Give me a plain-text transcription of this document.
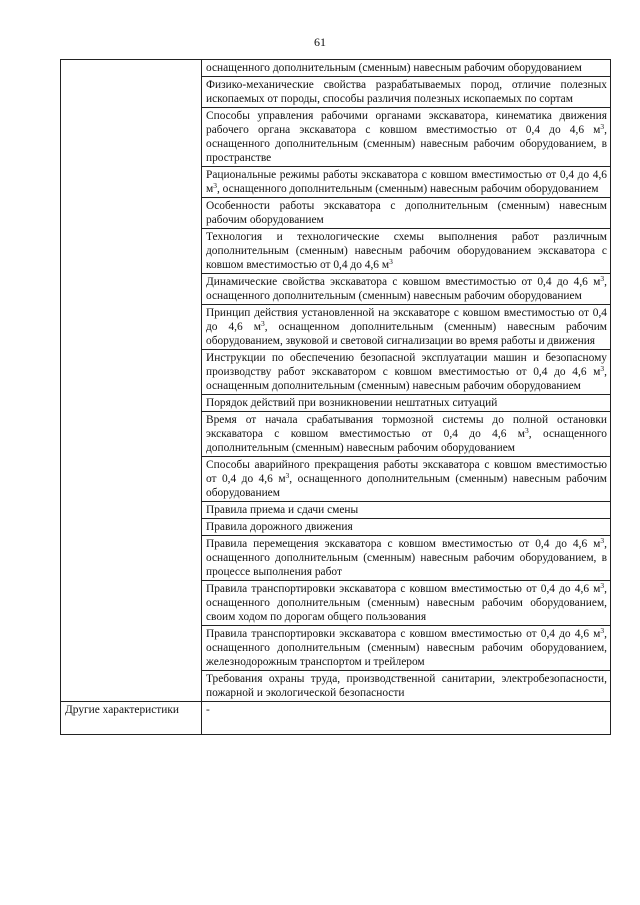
61
	оснащенного дополнительным (сменным) навесным рабочим оборудованием
	Физико-механические свойства разрабатываемых пород, отличие полезных ископаемых от породы, способы различия полезных ископаемых по сортам
	Способы управления рабочими органами экскаватора, кинематика движения рабочего органа экскаватора с ковшом вместимостью от 0,4 до 4,6 $м^3$, оснащенного дополнительным (сменным) навесным рабочим оборудованием, в пространстве
	Рациональные режимы работы экскаватора с ковшом вместимостью от 0,4 до 4,6 $м^3$, оснащенного дополнительным (сменным) навесным рабочим оборудованием
	Особенности работы экскаватора с дополнительным (сменным) навесным рабочим оборудованием
	Технология и технологические схемы выполнения работ различным дополнительным (сменным) навесным рабочим оборудованием экскаватора с ковшом вместимостью от 0,4 до 4,6 $м^3$
	Динамические свойства экскаватора с ковшом вместимостью от 0,4 до 4,6 $м^3$, оснащенного дополнительным (сменным) навесным рабочим оборудованием
	Принцип действия установленной на экскаваторе с ковшом вместимостью от 0,4 до 4,6 $м^3$, оснащенном дополнительным (сменным) навесным рабочим оборудованием, звуковой и световой сигнализации во время работы и движения
	Инструкции по обеспечению безопасной эксплуатации машин и безопасному производству работ экскаватором с ковшом вместимостью от 0,4 до 4,6 $м^3$, оснащенным дополнительным (сменным) навесным рабочим оборудованием
	Порядок действий при возникновении нештатных ситуаций
	Время от начала срабатывания тормозной системы до полной остановки экскаватора с ковшом вместимостью от 0,4 до 4,6 $м^3$, оснащенного дополнительным (сменным) навесным рабочим оборудованием
	Способы аварийного прекращения работы экскаватора с ковшом вместимостью от 0,4 до 4,6 $м^3$, оснащенного дополнительным (сменным) навесным рабочим оборудованием
	Правила приема и сдачи смены
	Правила дорожного движения
	Правила перемещения экскаватора с ковшом вместимостью от 0,4 до 4,6 $м^3$, оснащенного дополнительным (сменным) навесным рабочим оборудованием, в процессе выполнения работ
	Правила транспортировки экскаватора с ковшом вместимостью от 0,4 до 4,6 $м^3$, оснащенного дополнительным (сменным) навесным рабочим оборудованием, своим ходом по дорогам общего пользования
	Правила транспортировки экскаватора с ковшом вместимостью от 0,4 до 4,6 $м^3$, оснащенного дополнительным (сменным) навесным рабочим оборудованием, железнодорожным транспортом и трейлером
	Требования охраны труда, производственной санитарии, электробезопасности, пожарной и экологической безопасности
Другие характеристики	-
